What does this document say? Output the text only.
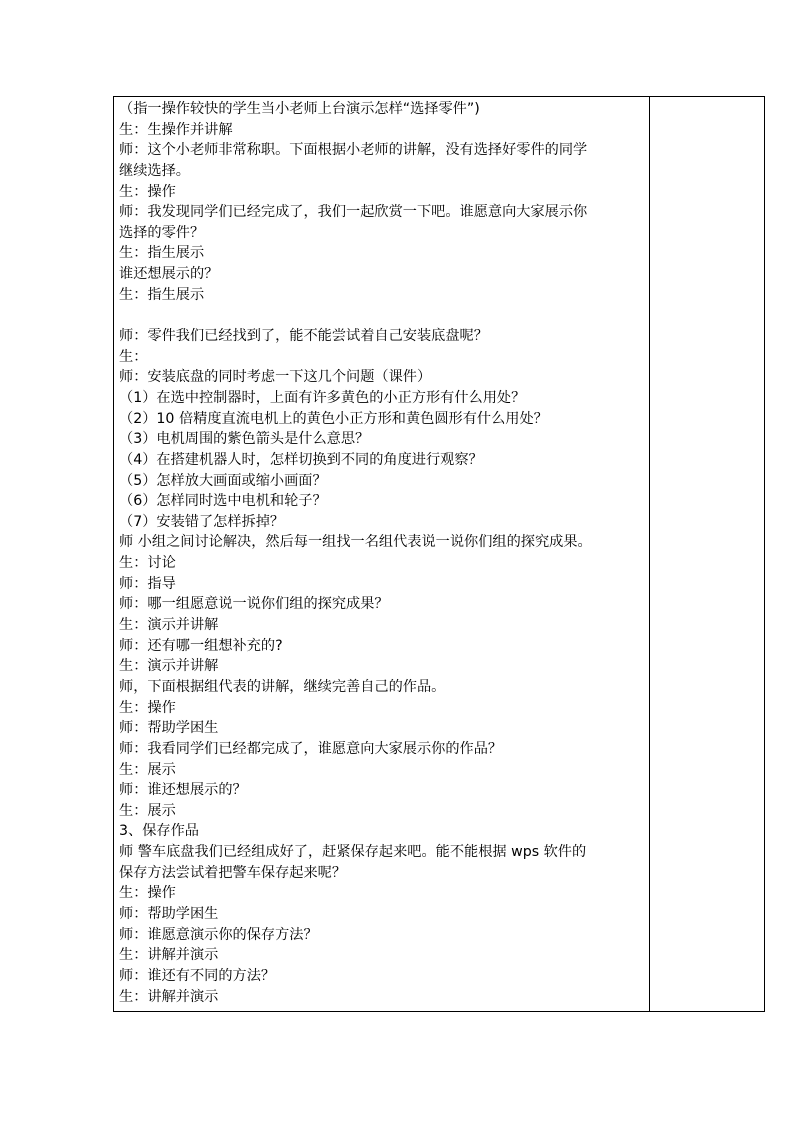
（指一操作较快的学生当小老师上台演示怎样“选择零件”)
生：生操作并讲解
师：这个小老师非常称职。下面根据小老师的讲解，没有选择好零件的同学
继续选择。
生：操作
师：我发现同学们已经完成了，我们一起欣赏一下吧。谁愿意向大家展示你
选择的零件？
生：指生展示
谁还想展示的？
生：指生展示
师：零件我们已经找到了，能不能尝试着自己安装底盘呢？
生：
师：安装底盘的同时考虑一下这几个问题（课件）
（1）在选中控制器时，上面有许多黄色的小正方形有什么用处？
（2）10 倍精度直流电机上的黄色小正方形和黄色圆形有什么用处？
（3）电机周围的紫色箭头是什么意思？
（4）在搭建机器人时，怎样切换到不同的角度进行观察？
（5）怎样放大画面或缩小画面？
（6）怎样同时选中电机和轮子？
（7）安装错了怎样拆掉？
师 小组之间讨论解决，然后每一组找一名组代表说一说你们组的探究成果。
生：讨论
师：指导
师：哪一组愿意说一说你们组的探究成果？
生：演示并讲解
师：还有哪一组想补充的?
生：演示并讲解
师，下面根据组代表的讲解，继续完善自己的作品。
生：操作
师：帮助学困生
师：我看同学们已经都完成了，谁愿意向大家展示你的作品？
生：展示
师：谁还想展示的？
生：展示
3、保存作品
师 警车底盘我们已经组成好了，赶紧保存起来吧。能不能根据 wps 软件的
保存方法尝试着把警车保存起来呢？
生：操作
师：帮助学困生
师：谁愿意演示你的保存方法？
生：讲解并演示
师：谁还有不同的方法？
生：讲解并演示
